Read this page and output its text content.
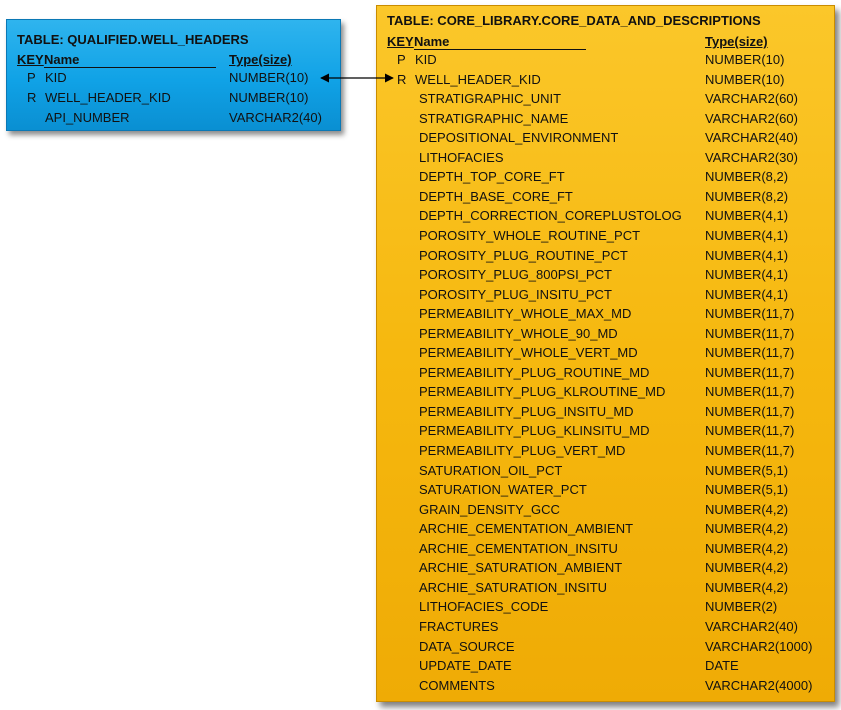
TABLE: QUALIFIED.WELL_HEADERS
KEY Name	Type(size)
P KID	NUMBER(10)
R WELL_HEADER_KID	NUMBER(10)
API_NUMBER	VARCHAR2(40)
TABLE: CORE_LIBRARY.CORE_DATA_AND_DESCRIPTIONS
KEY Name	Type(size)
P KID	NUMBER(10)
R WELL_HEADER_KID	NUMBER(10)
STRATIGRAPHIC_UNIT	VARCHAR2(60)
STRATIGRAPHIC_NAME	VARCHAR2(60)
DEPOSITIONAL_ENVIRONMENT	VARCHAR2(40)
LITHOFACIES	VARCHAR2(30)
DEPTH_TOP_CORE_FT	NUMBER(8,2)
DEPTH_BASE_CORE_FT	NUMBER(8,2)
DEPTH_CORRECTION_COREPLUSTOLOG NUMBER(4,1)
POROSITY_WHOLE_ROUTINE_PCT	NUMBER(4,1)
POROSITY_PLUG_ROUTINE_PCT	NUMBER(4,1)
POROSITY_PLUG_800PSI_PCT	NUMBER(4,1)
POROSITY_PLUG_INSITU_PCT	NUMBER(4,1)
PERMEABILITY_WHOLE_MAX_MD	NUMBER(11,7)
PERMEABILITY_WHOLE_90_MD	NUMBER(11,7)
PERMEABILITY_WHOLE_VERT_MD	NUMBER(11,7)
PERMEABILITY_PLUG_ROUTINE_MD	NUMBER(11,7)
PERMEABILITY_PLUG_KLROUTINE_MD	NUMBER(11,7)
PERMEABILITY_PLUG_INSITU_MD	NUMBER(11,7)
PERMEABILITY_PLUG_KLINSITU_MD	NUMBER(11,7)
PERMEABILITY_PLUG_VERT_MD	NUMBER(11,7)
SATURATION_OIL_PCT	NUMBER(5,1)
SATURATION_WATER_PCT	NUMBER(5,1)
GRAIN_DENSITY_GCC	NUMBER(4,2)
ARCHIE_CEMENTATION_AMBIENT	NUMBER(4,2)
ARCHIE_CEMENTATION_INSITU	NUMBER(4,2)
ARCHIE_SATURATION_AMBIENT	NUMBER(4,2)
ARCHIE_SATURATION_INSITU	NUMBER(4,2)
LITHOFACIES_CODE	NUMBER(2)
FRACTURES	VARCHAR2(40)
DATA_SOURCE	VARCHAR2(1000)
UPDATE_DATE	DATE
COMMENTS	VARCHAR2(4000)
